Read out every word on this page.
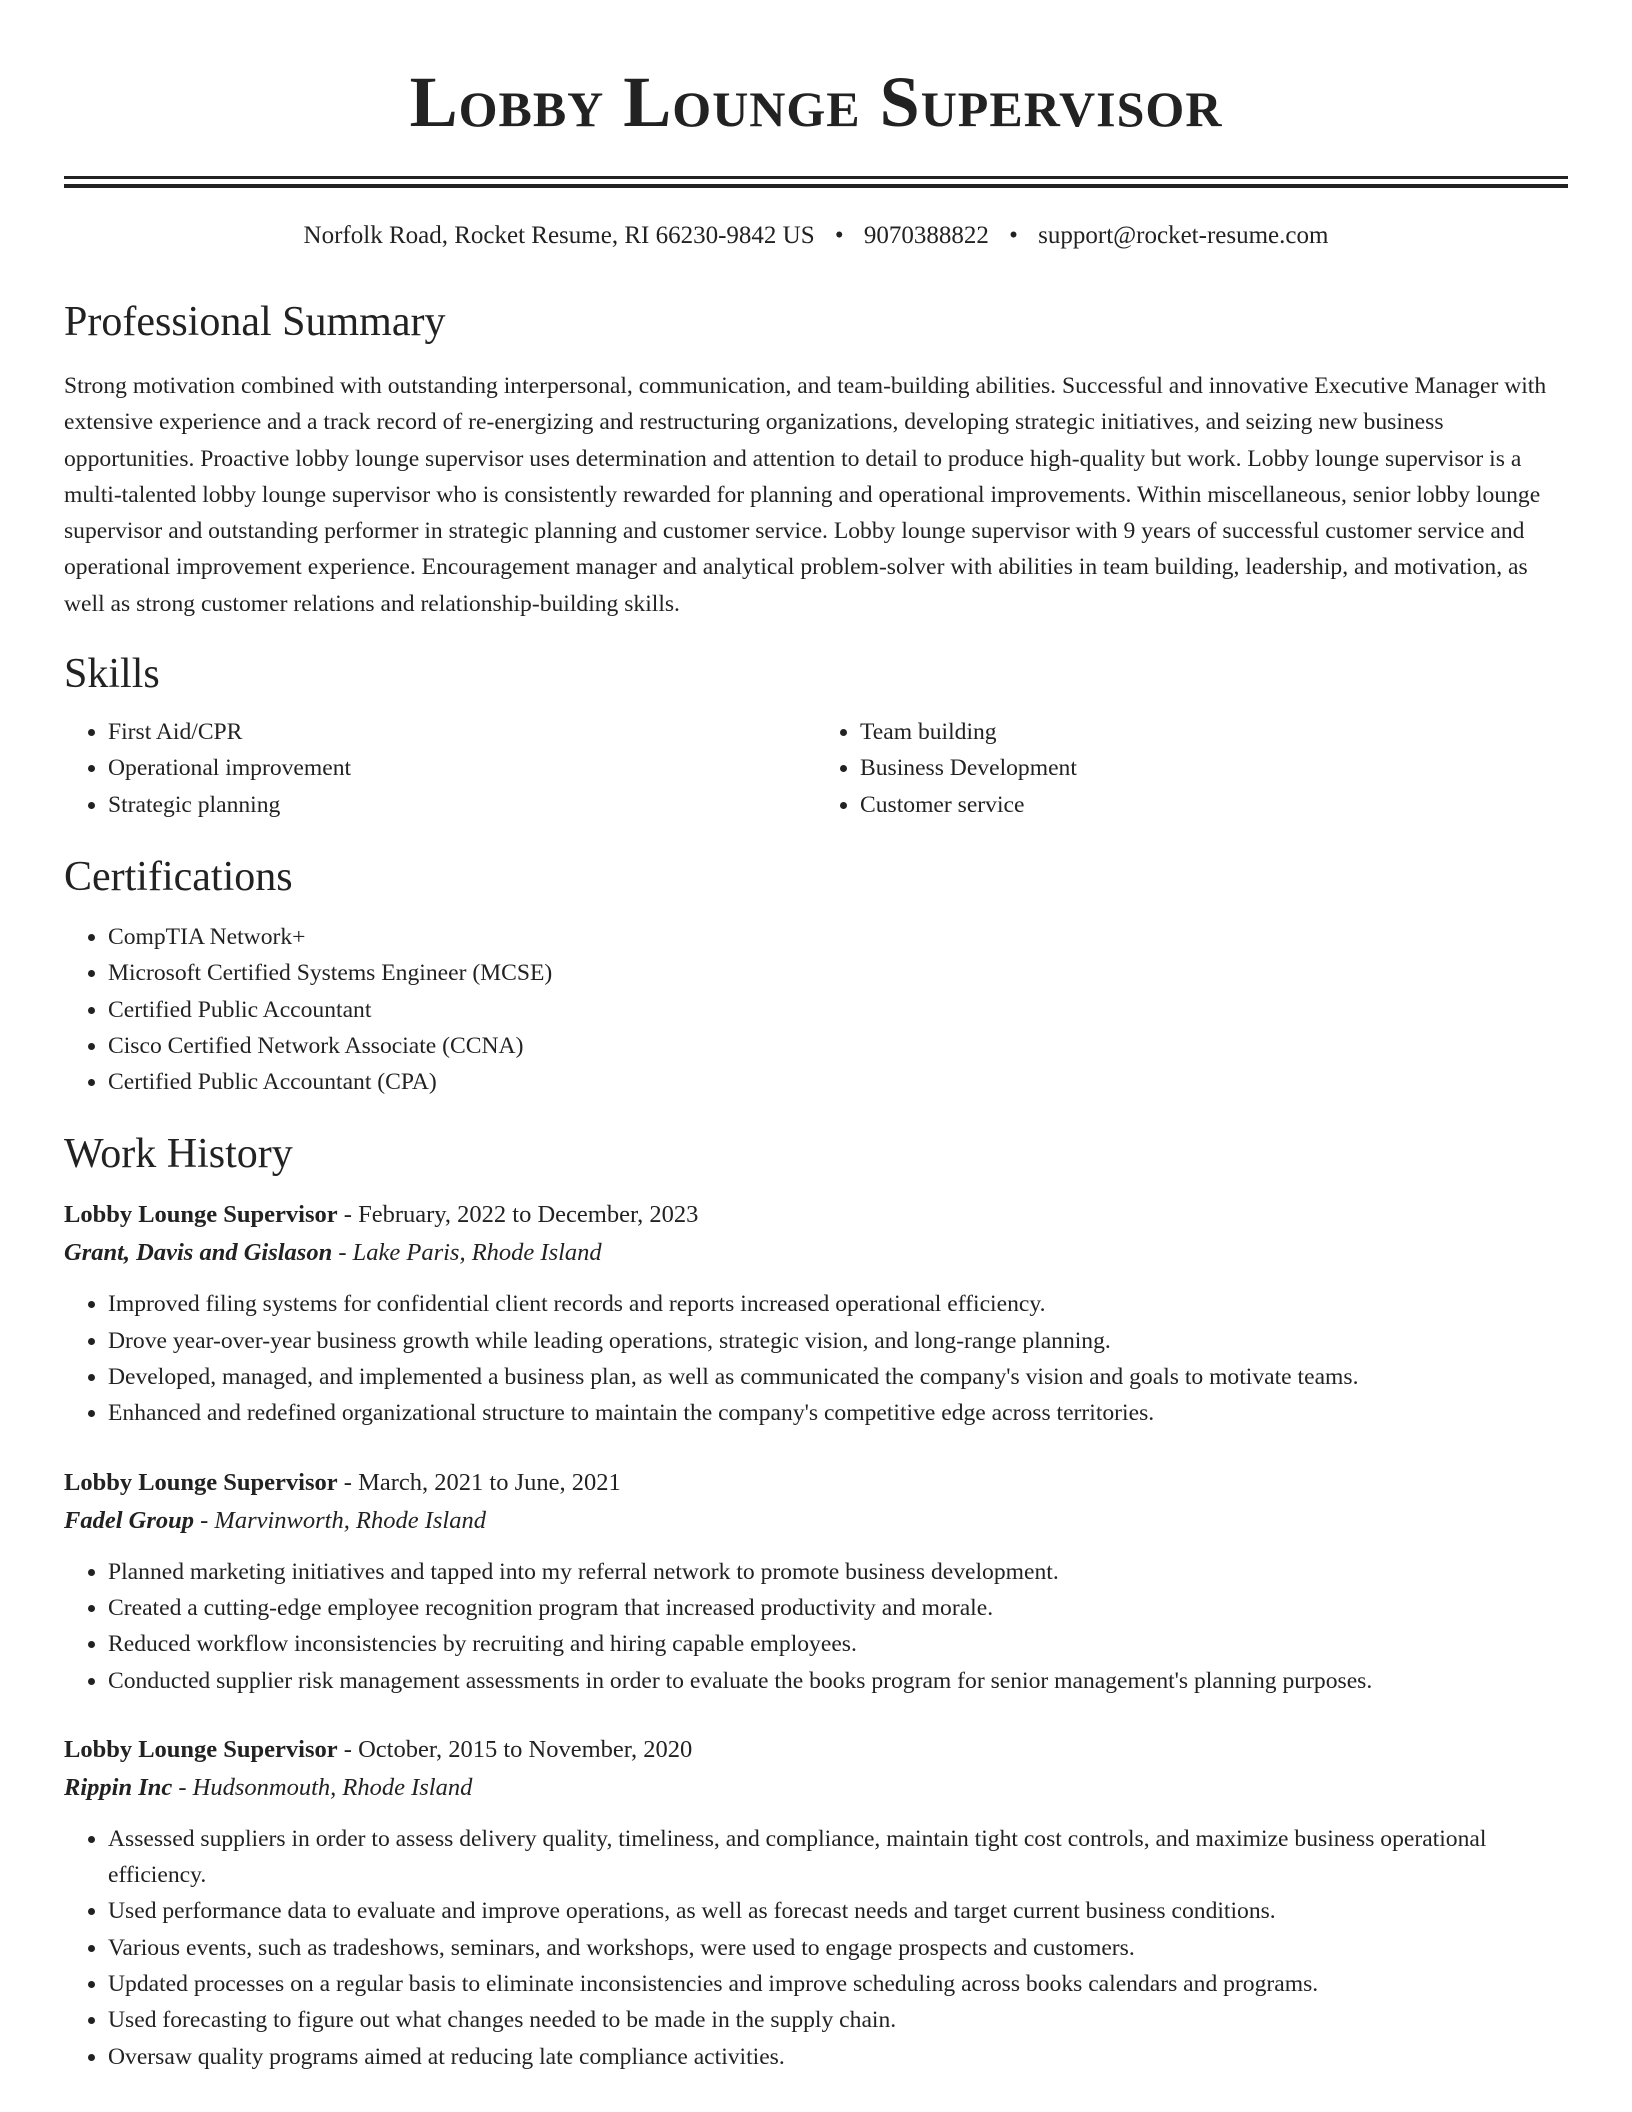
Lobby Lounge Supervisor
Norfolk Road, Rocket Resume, RI 66230-9842 US • 9070388822 • support@rocket-resume.com
Professional Summary

Strong motivation combined with outstanding interpersonal, communication, and team-building abilities. Successful and innovative Executive Manager with extensive experience and a track record of re-energizing and restructuring organizations, developing strategic initiatives, and seizing new business opportunities. Proactive lobby lounge supervisor uses determination and attention to detail to produce high-quality but work. Lobby lounge supervisor is a multi-talented lobby lounge supervisor who is consistently rewarded for planning and operational improvements. Within miscellaneous, senior lobby lounge supervisor and outstanding performer in strategic planning and customer service. Lobby lounge supervisor with 9 years of successful customer service and operational improvement experience. Encouragement manager and analytical problem-solver with abilities in team building, leadership, and motivation, as well as strong customer relations and relationship-building skills.

Skills
• First Aid/CPR
• Operational improvement
• Strategic planning
• Team building
• Business Development
• Customer service
Certifications
• CompTIA Network+
• Microsoft Certified Systems Engineer (MCSE)
• Certified Public Accountant
• Cisco Certified Network Associate (CCNA)
• Certified Public Accountant (CPA)
Work History
Lobby Lounge Supervisor - February, 2022 to December, 2023
Grant, Davis and Gislason - Lake Paris, Rhode Island
• Improved filing systems for confidential client records and reports increased operational efficiency.
• Drove year-over-year business growth while leading operations, strategic vision, and long-range planning.
• Developed, managed, and implemented a business plan, as well as communicated the company's vision and goals to motivate teams.
• Enhanced and redefined organizational structure to maintain the company's competitive edge across territories.
Lobby Lounge Supervisor - March, 2021 to June, 2021
Fadel Group - Marvinworth, Rhode Island
• Planned marketing initiatives and tapped into my referral network to promote business development.
• Created a cutting-edge employee recognition program that increased productivity and morale.
• Reduced workflow inconsistencies by recruiting and hiring capable employees.
• Conducted supplier risk management assessments in order to evaluate the books program for senior management's planning purposes.
Lobby Lounge Supervisor - October, 2015 to November, 2020
Rippin Inc - Hudsonmouth, Rhode Island
• Assessed suppliers in order to assess delivery quality, timeliness, and compliance, maintain tight cost controls, and maximize business operational efficiency.
• Used performance data to evaluate and improve operations, as well as forecast needs and target current business conditions.
• Various events, such as tradeshows, seminars, and workshops, were used to engage prospects and customers.
• Updated processes on a regular basis to eliminate inconsistencies and improve scheduling across books calendars and programs.
• Used forecasting to figure out what changes needed to be made in the supply chain.
• Oversaw quality programs aimed at reducing late compliance activities.
